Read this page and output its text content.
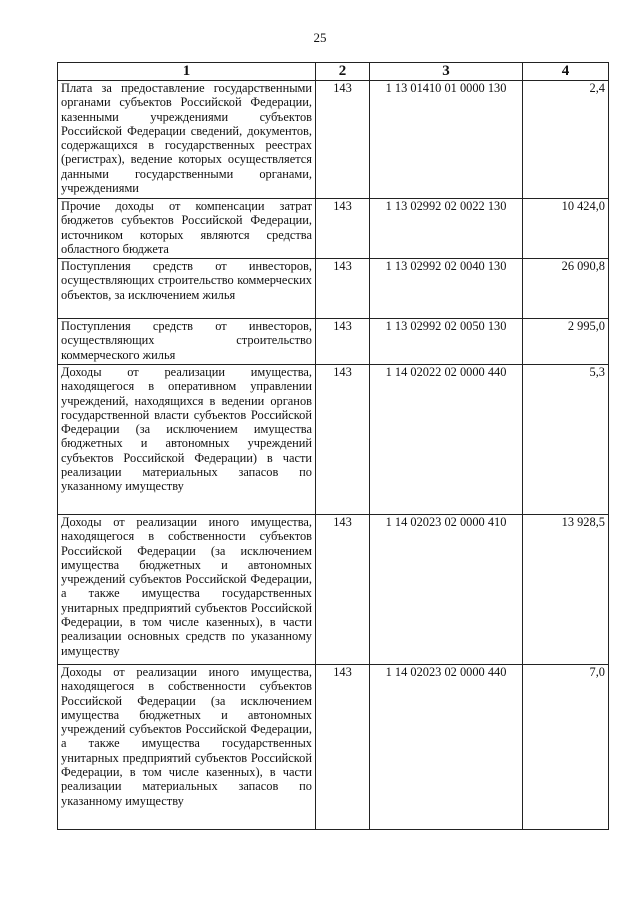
25
1	2	3	4
Плата за предоставление государственными органами субъектов Российской Федерации, казенными учреждениями субъектов Российской Федерации сведений, документов, содержащихся в государственных реестрах (регистрах), ведение которых осуществляется данными государственными органами, учреждениями	143	1 13 01410 01 0000 130	2,4
Прочие доходы от компенсации затрат бюджетов субъектов Российской Федерации, источником которых являются средства областного бюджета	143	1 13 02992 02 0022 130	10 424,0
Поступления средств от инвесторов, осуществляющих строительство коммерческих объектов, за исключением жилья	143	1 13 02992 02 0040 130	26 090,8
Поступления средств от инвесторов, осуществляющих строительство коммерческого жилья	143	1 13 02992 02 0050 130	2 995,0
Доходы от реализации имущества, находящегося в оперативном управлении учреждений, находящихся в ведении органов государственной власти субъектов Российской Федерации (за исключением имущества бюджетных и автономных учреждений субъектов Российской Федерации) в части реализации материальных запасов по указанному имуществу	143	1 14 02022 02 0000 440	5,3
Доходы от реализации иного имущества, находящегося в собственности субъектов Российской Федерации (за исключением имущества бюджетных и автономных учреждений субъектов Российской Федерации, а также имущества государственных унитарных предприятий субъектов Российской Федерации, в том числе казенных), в части реализации основных средств по указанному имуществу	143	1 14 02023 02 0000 410	13 928,5
Доходы от реализации иного имущества, находящегося в собственности субъектов Российской Федерации (за исключением имущества бюджетных и автономных учреждений субъектов Российской Федерации, а также имущества государственных унитарных предприятий субъектов Российской Федерации, в том числе казенных), в части реализации материальных запасов по указанному имуществу	143	1 14 02023 02 0000 440	7,0
